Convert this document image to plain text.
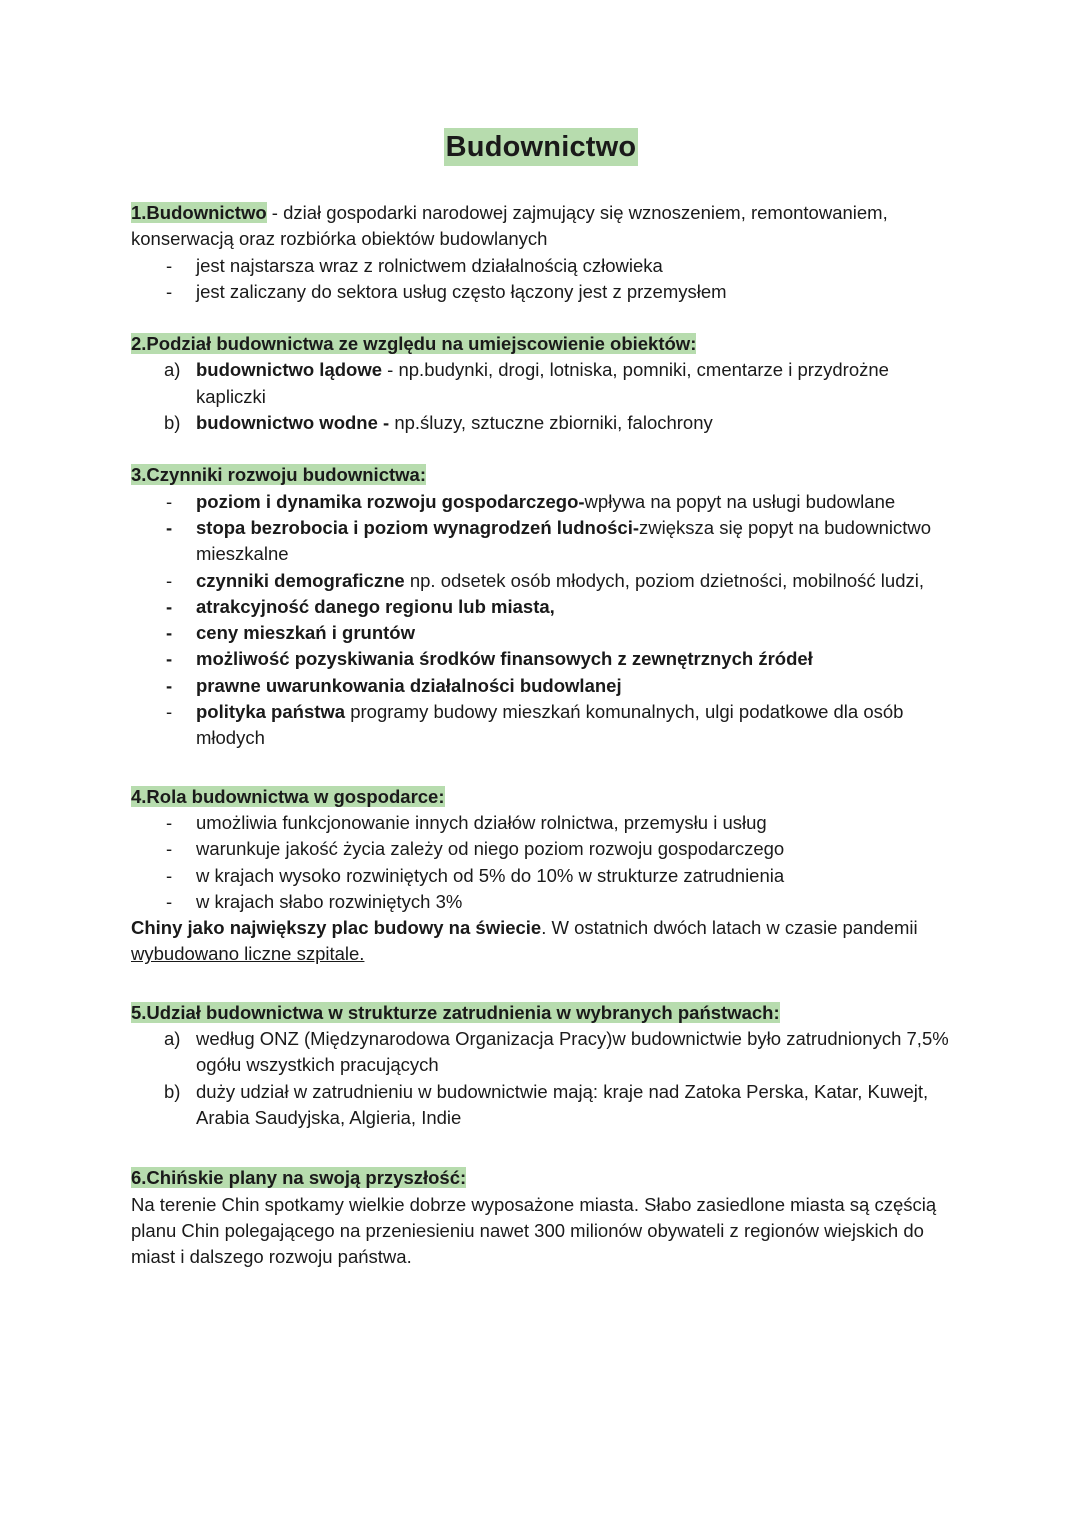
Budownictwo

1.Budownictwo - dział gospodarki narodowej zajmujący się wznoszeniem, remontowaniem, konserwacją oraz rozbiórka obiektów budowlanych

- jest najstarsza wraz z rolnictwem działalnością człowieka
- jest zaliczany do sektora usług często łączony jest z przemysłem

2.Podział budownictwa ze względu na umiejscowienie obiektów:

a) budownictwo lądowe - np.budynki, drogi, lotniska, pomniki, cmentarze i przydrożne kapliczki
b) budownictwo wodne - np.śluzy, sztuczne zbiorniki, falochrony

3.Czynniki rozwoju budownictwa:

- poziom i dynamika rozwoju gospodarczego-wpływa na popyt na usługi budowlane
- stopa bezrobocia i poziom wynagrodzeń ludności-zwiększa się popyt na budownictwo mieszkalne
- czynniki demograficzne np. odsetek osób młodych, poziom dzietności, mobilność ludzi,
- atrakcyjność danego regionu lub miasta,
- ceny mieszkań i gruntów
- możliwość pozyskiwania środków finansowych z zewnętrznych źródeł
- prawne uwarunkowania działalności budowlanej
- polityka państwa programy budowy mieszkań komunalnych, ulgi podatkowe dla osób młodych

4.Rola budownictwa w gospodarce:

- umożliwia funkcjonowanie innych działów rolnictwa, przemysłu i usług
- warunkuje jakość życia zależy od niego poziom rozwoju gospodarczego
- w krajach wysoko rozwiniętych od 5% do 10% w strukturze zatrudnienia
- w krajach słabo rozwiniętych 3%

Chiny jako największy plac budowy na świecie. W ostatnich dwóch latach w czasie pandemii wybudowano liczne szpitale.

5.Udział budownictwa w strukturze zatrudnienia w wybranych państwach:

a) według ONZ (Międzynarodowa Organizacja Pracy)w budownictwie było zatrudnionych 7,5% ogółu wszystkich pracujących
b) duży udział w zatrudnieniu w budownictwie mają: kraje nad Zatoka Perska, Katar, Kuwejt, Arabia Saudyjska, Algieria, Indie

6.Chińskie plany na swoją przyszłość:

Na terenie Chin spotkamy wielkie dobrze wyposażone miasta. Słabo zasiedlone miasta są częścią planu Chin polegającego na przeniesieniu nawet 300 milionów obywateli z regionów wiejskich do miast i dalszego rozwoju państwa.
